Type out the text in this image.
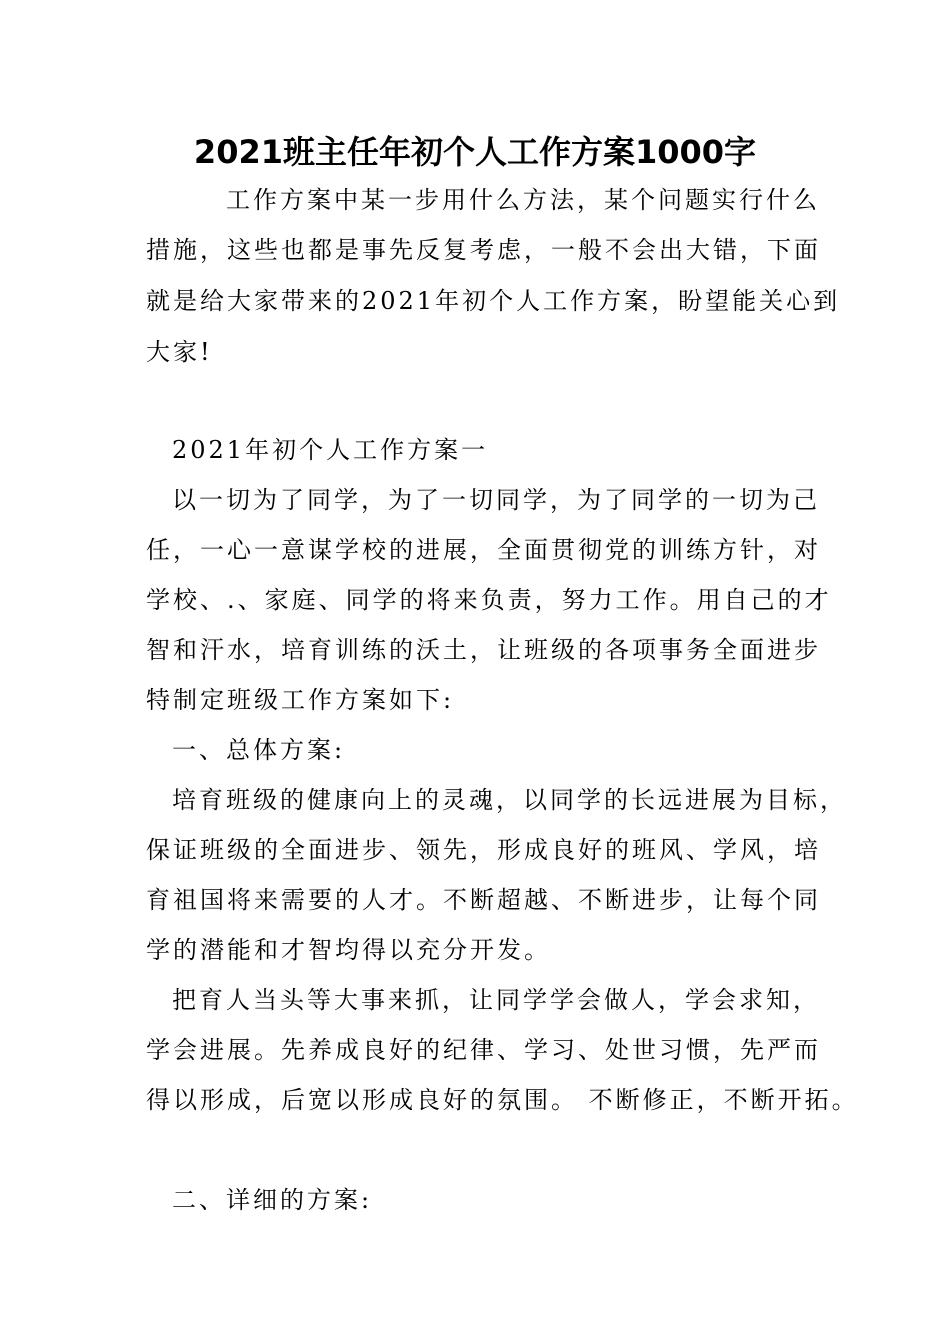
2021班主任年初个人工作方案1000字
工作方案中某一步用什么方法，某个问题实行什么
措施，这些也都是事先反复考虑，一般不会出大错，下面
就是给大家带来的2021年初个人工作方案，盼望能关心到
大家!
2021年初个人工作方案一
以一切为了同学，为了一切同学，为了同学的一切为己
任，一心一意谋学校的进展，全面贯彻党的训练方针，对
学校、.、家庭、同学的将来负责，努力工作。用自己的才
智和汗水，培育训练的沃土，让班级的各项事务全面进步
特制定班级工作方案如下:
一、总体方案:
培育班级的健康向上的灵魂，以同学的长远进展为目标，
保证班级的全面进步、领先，形成良好的班风、学风，培
育祖国将来需要的人才。不断超越、不断进步，让每个同
学的潜能和才智均得以充分开发。
把育人当头等大事来抓，让同学学会做人，学会求知，
学会进展。先养成良好的纪律、学习、处世习惯，先严而
得以形成，后宽以形成良好的氛围。 不断修正，不断开拓。
二、详细的方案:
